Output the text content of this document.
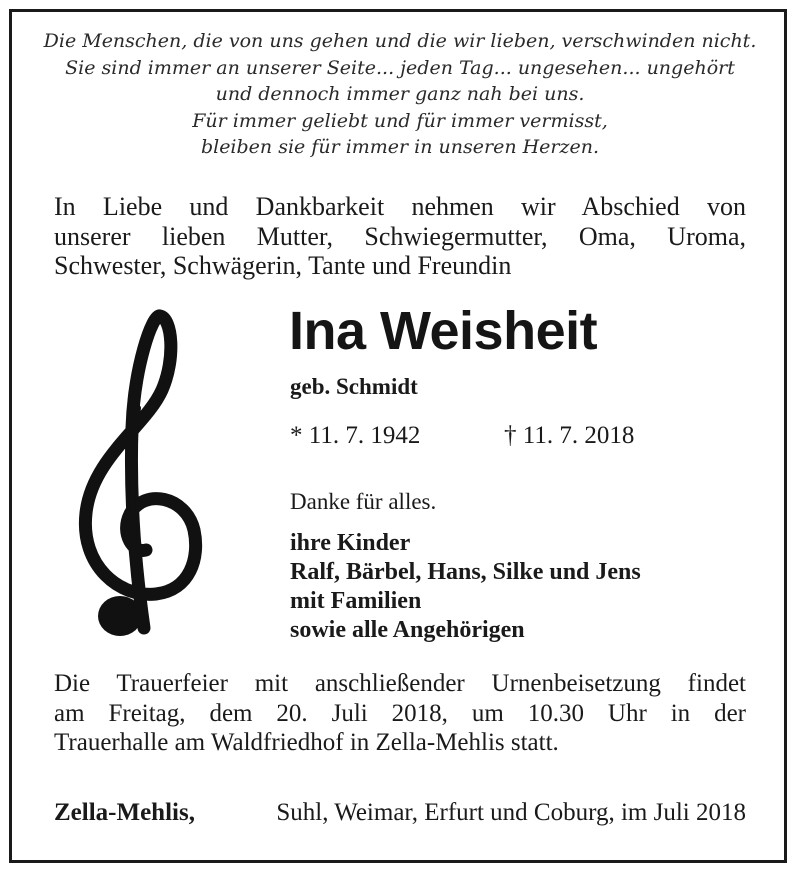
Die Menschen, die von uns gehen und die wir lieben, verschwinden nicht.
Sie sind immer an unserer Seite... jeden Tag... ungesehen... ungehört
und dennoch immer ganz nah bei uns.
Für immer geliebt und für immer vermisst,
bleiben sie für immer in unseren Herzen.
In Liebe und Dankbarkeit nehmen wir Abschied von
unserer lieben Mutter, Schwiegermutter, Oma, Uroma,
Schwester, Schwägerin, Tante und Freundin
Ina Weisheit
geb. Schmidt
* 11. 7. 1942	† 11. 7. 2018
Danke für alles.
ihre Kinder
Ralf, Bärbel, Hans, Silke und Jens
mit Familien
sowie alle Angehörigen
Die Trauerfeier mit anschließender Urnenbeisetzung findet
am Freitag, dem 20. Juli 2018, um 10.30 Uhr in der
Trauerhalle am Waldfriedhof in Zella-Mehlis statt.
Zella-Mehlis,	Suhl, Weimar, Erfurt und Coburg, im Juli 2018
